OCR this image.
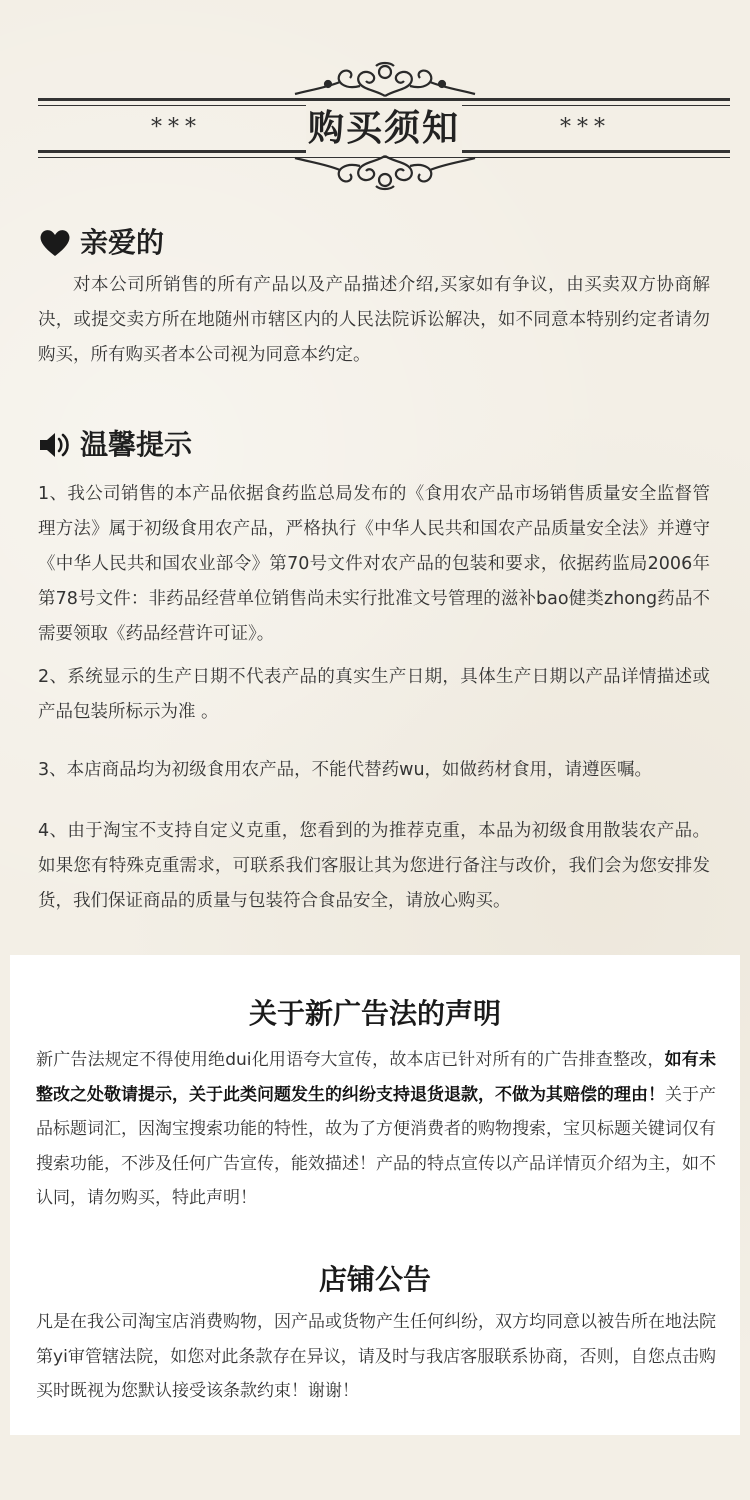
购买须知
***	***
亲爱的
对本公司所销售的所有产品以及产品描述介绍,买家如有争议，由买卖双方协商解决，或提交卖方所在地随州市辖区内的人民法院诉讼解决，如不同意本特别约定者请勿购买，所有购买者本公司视为同意本约定。
温馨提示
1、我公司销售的本产品依据食药监总局发布的《食用农产品市场销售质量安全监督管理方法》属于初级食用农产品，严格执行《中华人民共和国农产品质量安全法》并遵守《中华人民共和国农业部令》第70号文件对农产品的包装和要求，依据药监局2006年第78号文件：非药品经营单位销售尚未实行批准文号管理的滋补bao健类zhong药品不需要领取《药品经营许可证》。
2、系统显示的生产日期不代表产品的真实生产日期，具体生产日期以产品详情描述或产品包装所标示为准 。
3、本店商品均为初级食用农产品，不能代替药wu，如做药材食用，请遵医嘱。
4、由于淘宝不支持自定义克重，您看到的为推荐克重，本品为初级食用散装农产品。如果您有特殊克重需求，可联系我们客服让其为您进行备注与改价，我们会为您安排发货，我们保证商品的质量与包装符合食品安全，请放心购买。
关于新广告法的声明
新广告法规定不得使用绝dui化用语夸大宣传，故本店已针对所有的广告排查整改，如有未整改之处敬请提示，关于此类问题发生的纠纷支持退货退款，不做为其赔偿的理由！关于产品标题词汇，因淘宝搜索功能的特性，故为了方便消费者的购物搜索，宝贝标题关键词仅有搜索功能，不涉及任何广告宣传，能效描述！产品的特点宣传以产品详情页介绍为主，如不认同，请勿购买，特此声明！
店铺公告
凡是在我公司淘宝店消费购物，因产品或货物产生任何纠纷，双方均同意以被告所在地法院第yi审管辖法院，如您对此条款存在异议，请及时与我店客服联系协商，否则，自您点击购买时既视为您默认接受该条款约束！谢谢！
